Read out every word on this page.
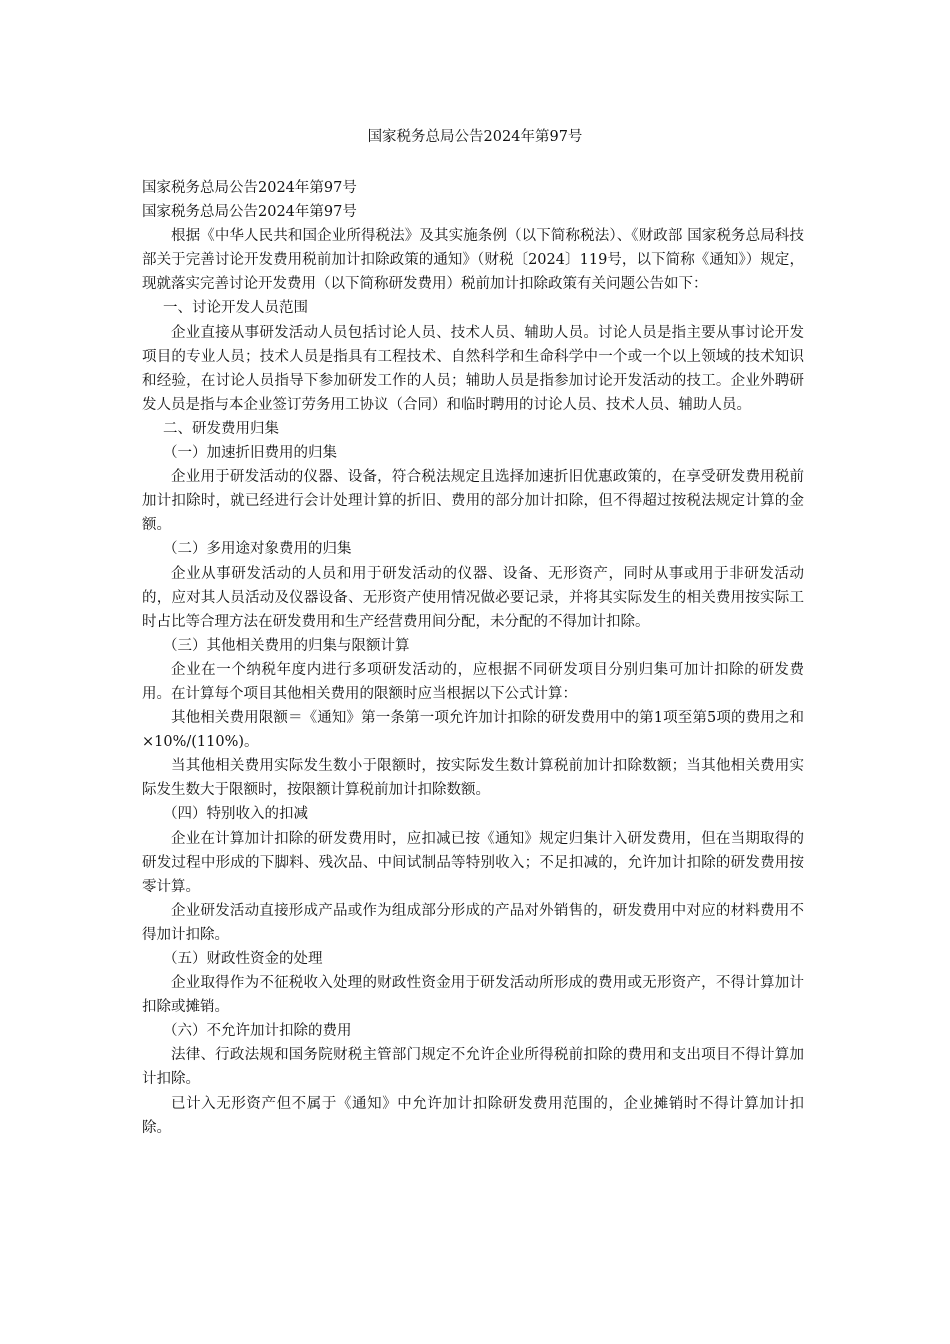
国家税务总局公告2024年第97号

国家税务总局公告2024年第97号

国家税务总局公告2024年第97号

根据《中华人民共和国企业所得税法》及其实施条例（以下简称税法）、《财政部 国家税务总局科技部关于完善讨论开发费用税前加计扣除政策的通知》（财税〔2024〕119号，以下简称《通知》）规定，现就落实完善讨论开发费用（以下简称研发费用）税前加计扣除政策有关问题公告如下：

一、讨论开发人员范围

企业直接从事研发活动人员包括讨论人员、技术人员、辅助人员。讨论人员是指主要从事讨论开发项目的专业人员；技术人员是指具有工程技术、自然科学和生命科学中一个或一个以上领域的技术知识和经验，在讨论人员指导下参加研发工作的人员；辅助人员是指参加讨论开发活动的技工。企业外聘研发人员是指与本企业签订劳务用工协议（合同）和临时聘用的讨论人员、技术人员、辅助人员。

二、研发费用归集

（一）加速折旧费用的归集

企业用于研发活动的仪器、设备，符合税法规定且选择加速折旧优惠政策的，在享受研发费用税前加计扣除时，就已经进行会计处理计算的折旧、费用的部分加计扣除，但不得超过按税法规定计算的金额。

（二）多用途对象费用的归集

企业从事研发活动的人员和用于研发活动的仪器、设备、无形资产，同时从事或用于非研发活动的，应对其人员活动及仪器设备、无形资产使用情况做必要记录，并将其实际发生的相关费用按实际工时占比等合理方法在研发费用和生产经营费用间分配，未分配的不得加计扣除。

（三）其他相关费用的归集与限额计算

企业在一个纳税年度内进行多项研发活动的，应根据不同研发项目分别归集可加计扣除的研发费用。在计算每个项目其他相关费用的限额时应当根据以下公式计算：

其他相关费用限额＝《通知》第一条第一项允许加计扣除的研发费用中的第1项至第5项的费用之和×10%/(110%)。

当其他相关费用实际发生数小于限额时，按实际发生数计算税前加计扣除数额；当其他相关费用实际发生数大于限额时，按限额计算税前加计扣除数额。

（四）特别收入的扣减

企业在计算加计扣除的研发费用时，应扣减已按《通知》规定归集计入研发费用，但在当期取得的研发过程中形成的下脚料、残次品、中间试制品等特别收入；不足扣减的，允许加计扣除的研发费用按零计算。

企业研发活动直接形成产品或作为组成部分形成的产品对外销售的，研发费用中对应的材料费用不得加计扣除。

（五）财政性资金的处理

企业取得作为不征税收入处理的财政性资金用于研发活动所形成的费用或无形资产，不得计算加计扣除或摊销。

（六）不允许加计扣除的费用

法律、行政法规和国务院财税主管部门规定不允许企业所得税前扣除的费用和支出项目不得计算加计扣除。

已计入无形资产但不属于《通知》中允许加计扣除研发费用范围的，企业摊销时不得计算加计扣除。
